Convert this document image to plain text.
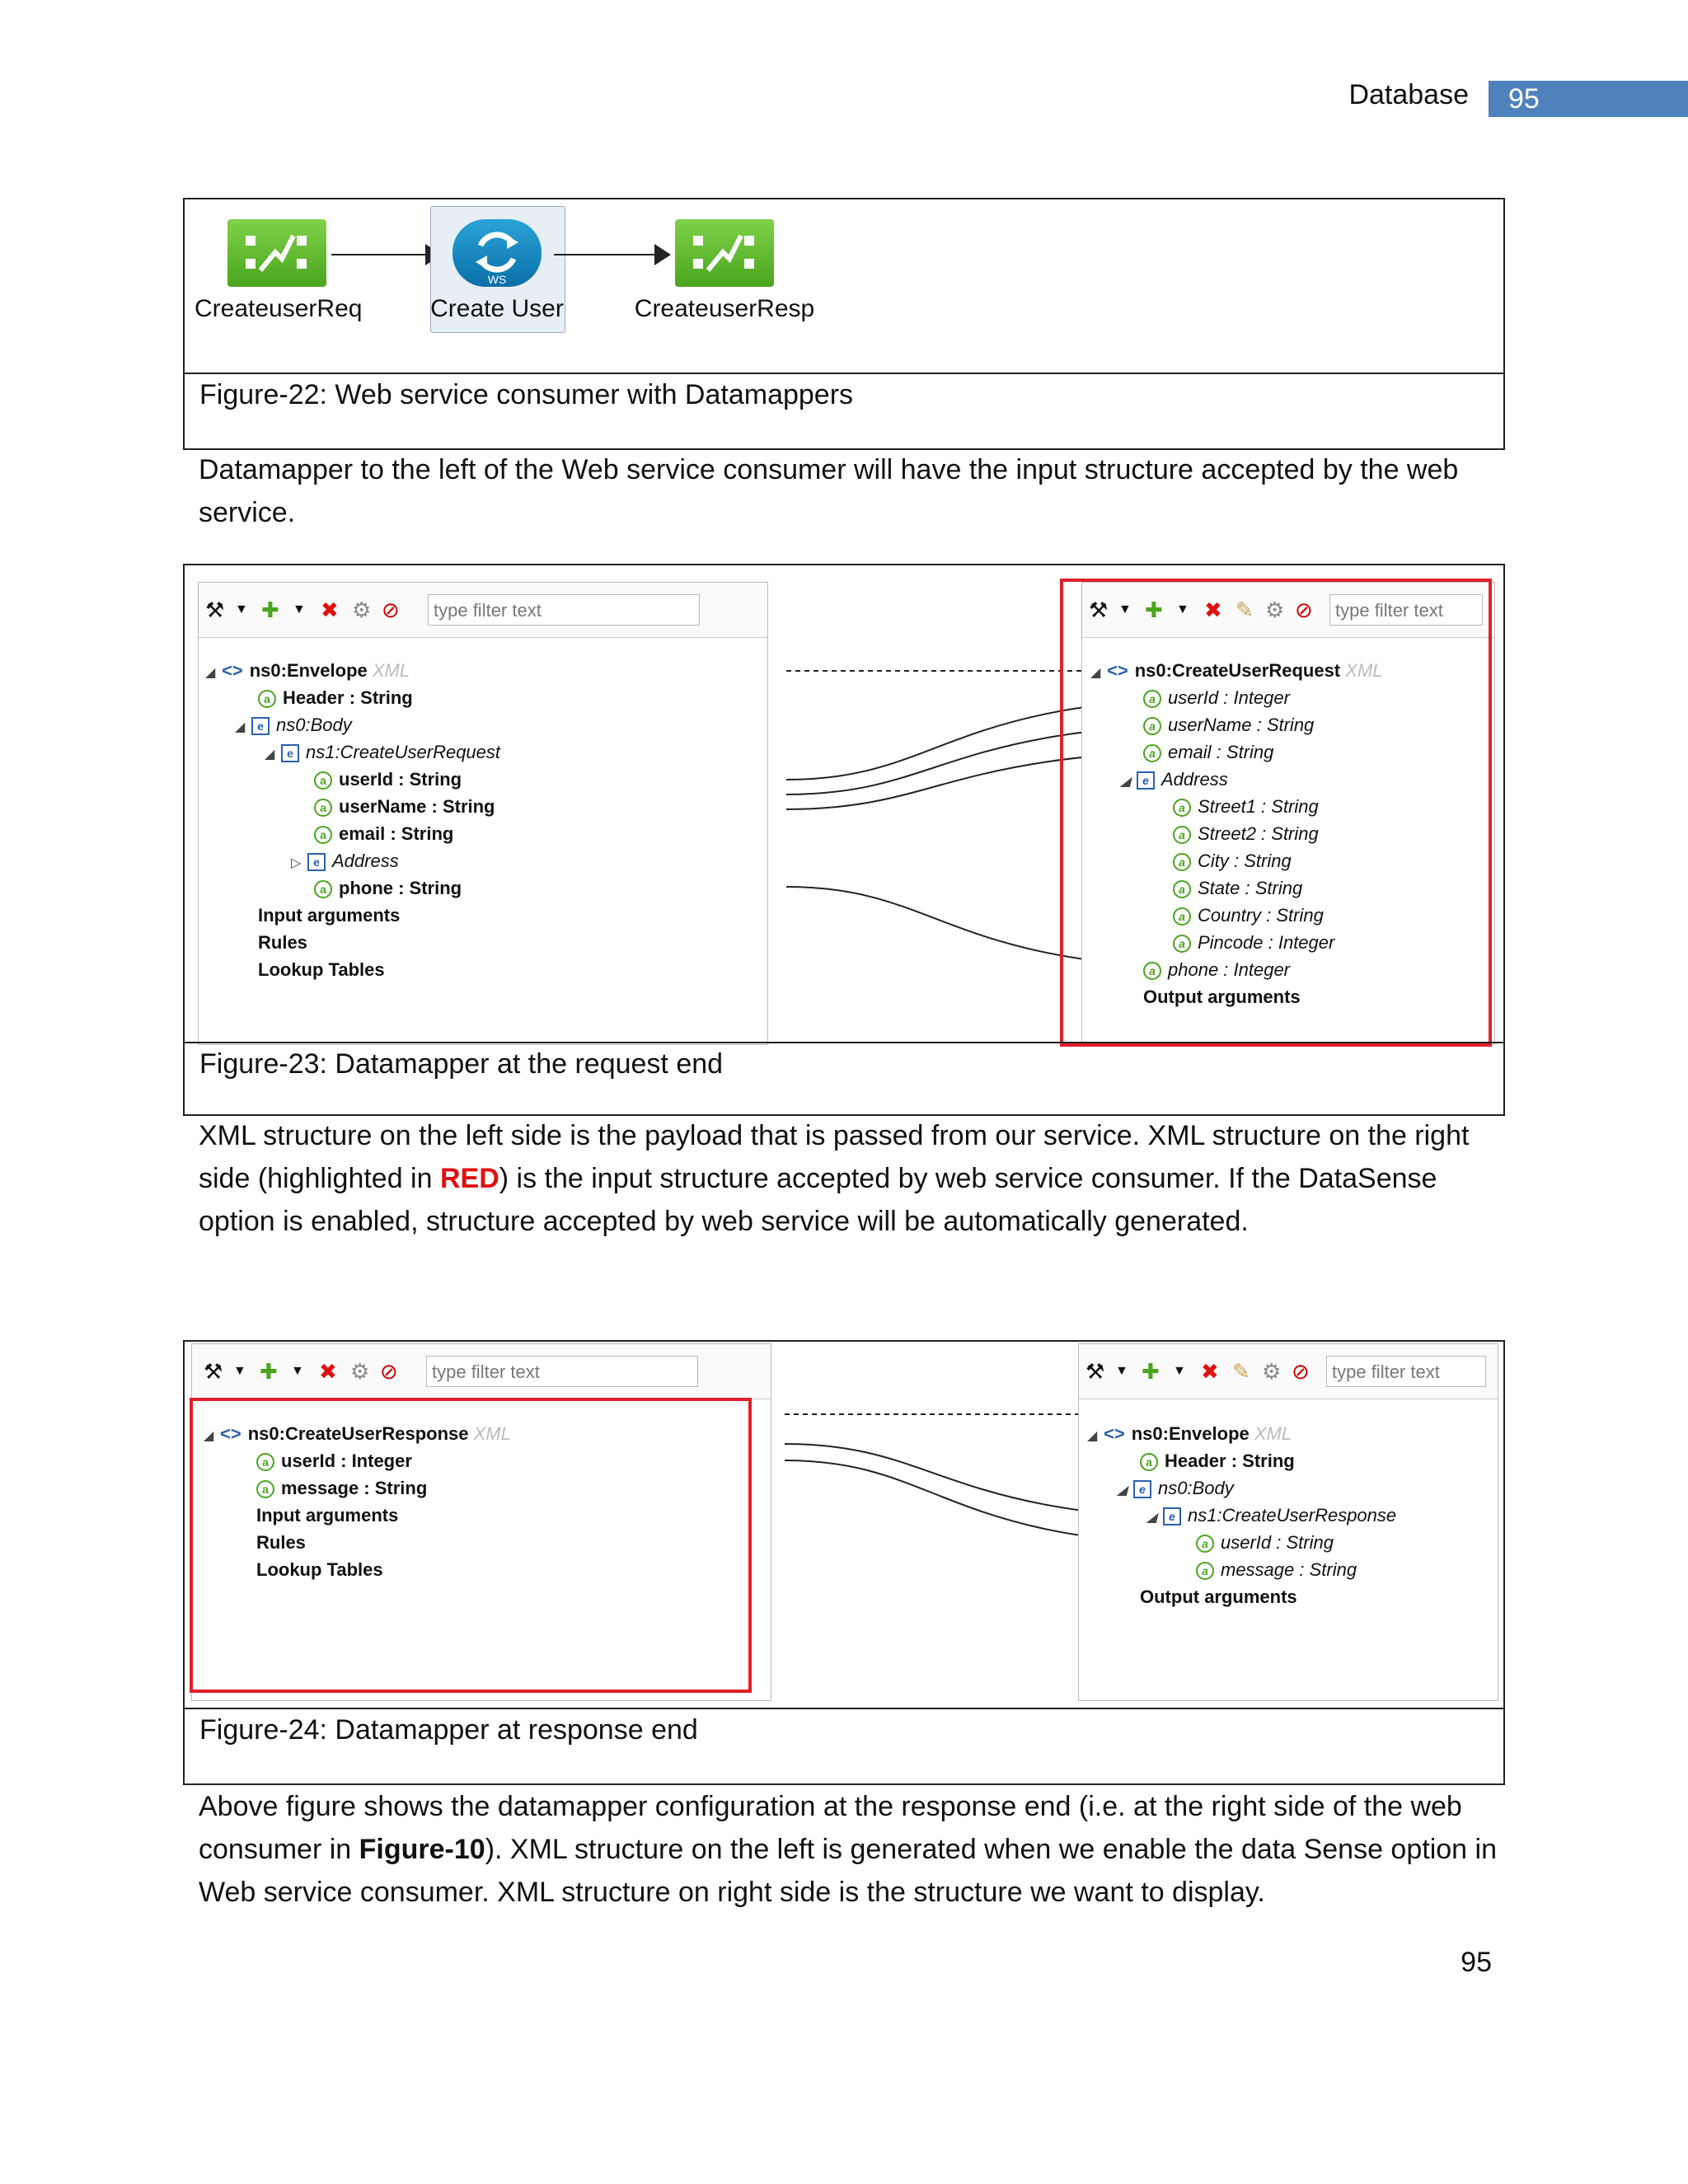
Database	95
CreateuserReq
WS
Create User	CreateuserResp
Figure-22: Web service consumer with Datamappers
Datamapper to the left of the Web service consumer will have the input structure accepted by the web service.
⚒ ▼ ✚ ▼ ✖ ⚙ ⊘	type filter text
◢ <> ns0:Envelope XML
a Header : String
◢ e ns0:Body
◢ e ns1:CreateUserRequest
a userId : String
a userName : String
a email : String
▷ e Address
a phone : String
Input arguments
Rules
Lookup Tables
⚒ ▼ ✚ ▼ ✖ ✎ ⚙ ⊘	type filter text
◢ <> ns0:CreateUserRequest XML
a userId : Integer
a userName : String
a email : String
◢ e Address
a Street1 : String
a Street2 : String
a City : String
a State : String
a Country : String
a Pincode : Integer
a phone : Integer
Output arguments
Figure-23: Datamapper at the request end
XML structure on the left side is the payload that is passed from our service. XML structure on the right side (highlighted in RED) is the input structure accepted by web service consumer. If the DataSense option is enabled, structure accepted by web service will be automatically generated.
⚒ ▼ ✚ ▼ ✖ ⚙ ⊘	type filter text
◢ <> ns0:CreateUserResponse XML
a userId : Integer
a message : String
Input arguments
Rules
Lookup Tables
⚒ ▼ ✚ ▼ ✖ ✎ ⚙ ⊘	type filter text
◢ <> ns0:Envelope XML
a Header : String
◢ e ns0:Body
◢ e ns1:CreateUserResponse
a userId : String
a message : String
Output arguments
Figure-24: Datamapper at response end
Above figure shows the datamapper configuration at the response end (i.e. at the right side of the web consumer in Figure-10). XML structure on the left is generated when we enable the data Sense option in Web service consumer. XML structure on right side is the structure we want to display.
95
